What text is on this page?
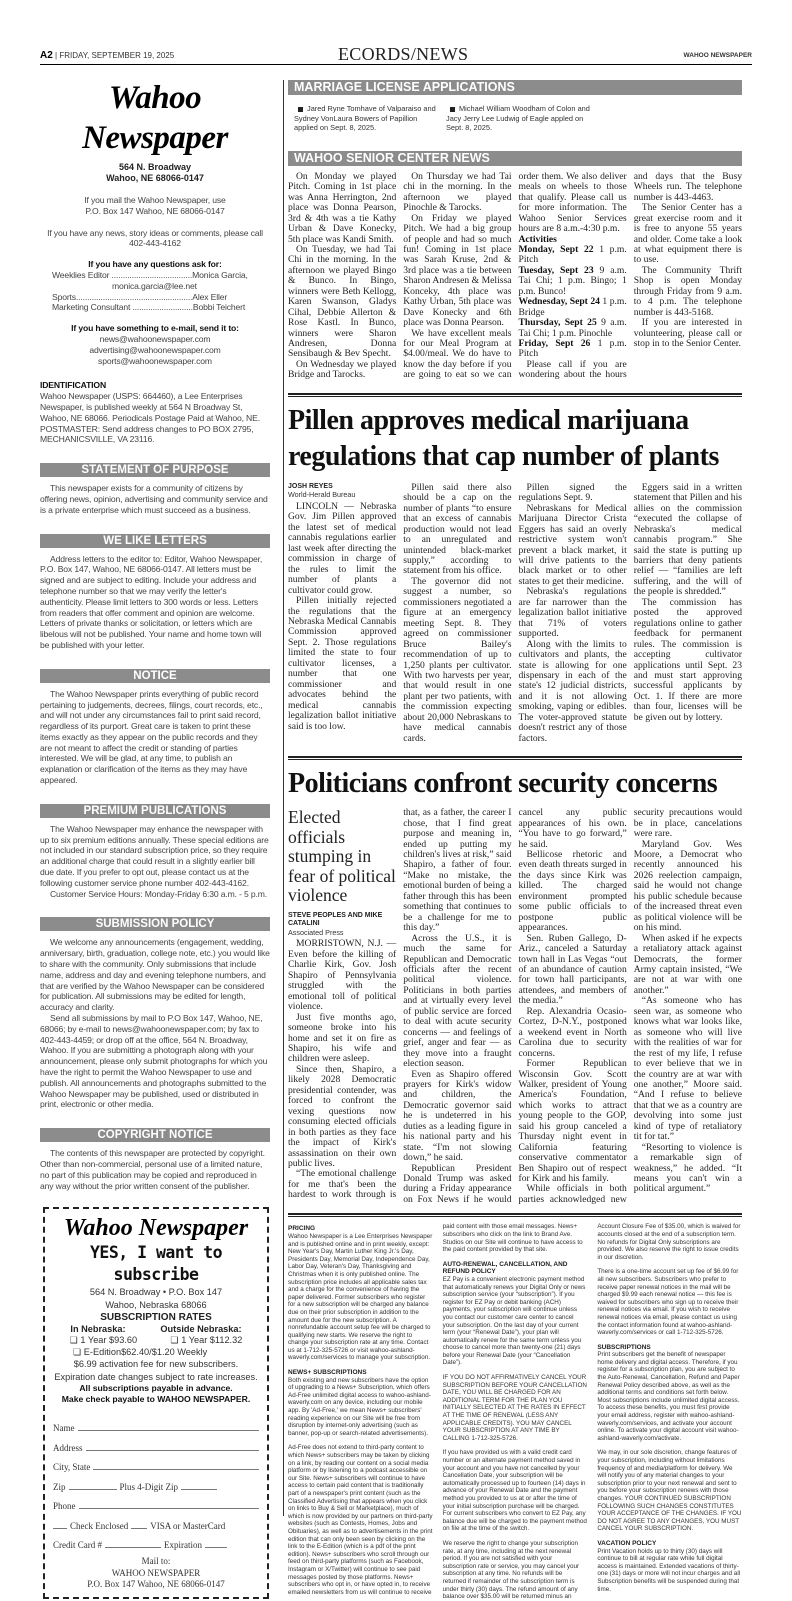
A2 | FRIDAY, SEPTEMBER 19, 2025	ECORDS/NEWS	WAHOO NEWSPAPER
Wahoo Newspaper
564 N. Broadway
Wahoo, NE 68066-0147
If you mail the Wahoo Newspaper, use
P.O. Box 147 Wahoo, NE 68066-0147
If you have any news, story ideas or comments, please call
402-443-4162
If you have any questions ask for:
Weeklies Editor ....................................Monica Garcia,
monica.garcia@lee.net
Sports....................................................Alex Eller
Marketing Consultant ...........................Bobbi Teichert
If you have something to e-mail, send it to:
news@wahoonewspaper.com
advertising@wahoonewspaper.com
sports@wahoonewspaper.com
IDENTIFICATION
Wahoo Newspaper (USPS: 664460), a Lee Enterprises Newspaper, is published weekly at 564 N Broadway St, Wahoo, NE 68066. Periodicals Postage Paid at Wahoo, NE. POSTMASTER: Send address changes to PO BOX 2795, MECHANICSVILLE, VA 23116.
STATEMENT OF PURPOSE

This newspaper exists for a community of citizens by offering news, opinion, advertising and community service and is a private enterprise which must succeed as a business.

WE LIKE LETTERS

Address letters to the editor to: Editor, Wahoo Newspaper, P.O. Box 147, Wahoo, NE 68066-0147. All letters must be signed and are subject to editing. Include your address and telephone number so that we may verify the letter's authenticity. Please limit letters to 300 words or less. Letters from readers that offer comment and opinion are welcome. Letters of private thanks or solicitation, or letters which are libelous will not be published. Your name and home town will be published with your letter.

NOTICE

The Wahoo Newspaper prints everything of public record pertaining to judgements, decrees, filings, court records, etc., and will not under any circumstances fail to print said record, regardless of its purport. Great care is taken to print these items exactly as they appear on the public records and they are not meant to affect the credit or standing of parties interested. We will be glad, at any time, to publish an explanation or clarification of the items as they may have appeared.

PREMIUM PUBLICATIONS

The Wahoo Newspaper may enhance the newspaper with up to six premium editions annually. These special editions are not included in our standard subscription price, so they require an additional charge that could result in a slightly earlier bill due date. If you prefer to opt out, please contact us at the following customer service phone number 402-443-4162.

Customer Service Hours: Monday-Friday 6:30 a.m. - 5 p.m.

SUBMISSION POLICY

We welcome any announcements (engagement, wedding, anniversary, birth, graduation, college note, etc.) you would like to share with the community. Only submissions that include name, address and day and evening telephone numbers, and that are verified by the Wahoo Newspaper can be considered for publication. All submissions may be edited for length, accuracy and clarity.

Send all submissions by mail to P.O Box 147, Wahoo, NE, 68066; by e-mail to news@wahoonewspaper.com; by fax to 402-443-4459; or drop off at the office, 564 N. Broadway, Wahoo. If you are submitting a photograph along with your announcement, please only submit photographs for which you have the right to permit the Wahoo Newspaper to use and publish. All announcements and photographs submitted to the Wahoo Newspaper may be published, used or distributed in print, electronic or other media.

COPYRIGHT NOTICE

The contents of this newspaper are protected by copyright. Other than non-commercial, personal use of a limited nature, no part of this publication may be copied and reproduced in any way without the prior written consent of the publisher.

Wahoo Newspaper
YES, I want to subscribe
564 N. Broadway • P.O. Box 147
Wahoo, Nebraska 68066
SUBSCRIPTION RATES
In Nebraska:	Outside Nebraska:
❏ 1 Year $93.60	❏ 1 Year $112.32
❏ E-Edition$62.40/$1.20 Weekly
$6.99 activation fee for new subscribers.
Expiration date changes subject to rate increases.
All subscriptions payable in advance.
Make check payable to WAHOO NEWSPAPER.
Name
Address
City, State
Zip	Plus 4-Digit Zip
Phone
Check Enclosed VISA or MasterCard
Credit Card #	Expiration
Mail to:
WAHOO NEWSPAPER
P.O. Box 147 Wahoo, NE 68066-0147
MARRIAGE LICENSE APPLICATIONS
Jared Ryne Tomhave of Valparaiso and Sydney VonLaura Bowers of Papillion applied on Sept. 8, 2025.
Michael William Woodham of Colon and Jacy Jerry Lee Ludwig of Eagle appled on Sept. 8, 2025.
WAHOO SENIOR CENTER NEWS

On Monday we played Pitch. Coming in 1st place was Anna Herrington, 2nd place was Donna Pearson, 3rd & 4th was a tie Kathy Urban & Dave Konecky, 5th place was Kandi Smith.

On Tuesday, we had Tai Chi in the morning. In the afternoon we played Bingo & Bunco. In Bingo, winners were Beth Kellogg, Karen Swanson, Gladys Cihal, Debbie Allerton & Rose Kastl. In Bunco, winners were Sharon Andresen, Donna Sensibaugh & Bev Specht.

On Wednesday we played Bridge and Tarocks.

On Thursday we had Tai chi in the morning. In the afternoon we played Pinochle & Tarocks.

On Friday we played Pitch. We had a big group of people and had so much fun! Coming in 1st place was Sarah Kruse, 2nd & 3rd place was a tie between Sharon Andresen & Melissa Konceky, 4th place was Kathy Urban, 5th place was Dave Konecky and 6th place was Donna Pearson.

We have excellent meals for our Meal Program at $4.00/meal. We do have to know the day before if you are going to eat so we can order them. We also deliver meals on wheels to those that qualify. Please call us for more information. The Wahoo Senior Services hours are 8 a.m.-4:30 p.m.

Activities

Monday, Sept 22 1 p.m. Pitch

Tuesday, Sept 23 9 a.m. Tai Chi; 1 p.m. Bingo; 1 p.m. Bunco!

Wednesday, Sept 24 1 p.m. Bridge

Thursday, Sept 25 9 a.m. Tai Chi; 1 p.m. Pinochle

Friday, Sept 26 1 p.m. Pitch

Please call if you are wondering about the hours and days that the Busy Wheels run. The telephone number is 443-4463.

The Senior Center has a great exercise room and it is free to anyone 55 years and older. Come take a look at what equipment there is to use.

The Community Thrift Shop is open Monday through Friday from 9 a.m. to 4 p.m. The telephone number is 443-5168.

If you are interested in volunteering, please call or stop in to the Senior Center.

Pillen approves medical marijuana
regulations that cap number of plants
JOSH REYES
World-Herald Bureau

LINCOLN — Nebraska Gov. Jim Pillen approved the latest set of medical cannabis regulations earlier last week after directing the commission in charge of the rules to limit the number of plants a cultivator could grow.

Pillen initially rejected the regulations that the Nebraska Medical Cannabis Commission approved Sept. 2. Those regulations limited the state to four cultivator licenses, a number that one commissioner and advocates behind the medical cannabis legalization ballot initiative said is too low.

Pillen said there also should be a cap on the number of plants “to ensure that an excess of cannabis production would not lead to an unregulated and unintended black-market supply,” according to statement from his office.

The governor did not suggest a number, so commissioners negotiated a figure at an emergency meeting Sept. 8. They agreed on commissioner Bruce Bailey's recommendation of up to 1,250 plants per cultivator. With two harvests per year, that would result in one plant per two patients, with the commission expecting about 20,000 Nebraskans to have medical cannabis cards.

Pillen signed the regulations Sept. 9.

Nebraskans for Medical Marijuana Director Crista Eggers has said an overly restrictive system won't prevent a black market, it will drive patients to the black market or to other states to get their medicine.

Nebraska's regulations are far narrower than the legalization ballot initiative that 71% of voters supported.

Along with the limits to cultivators and plants, the state is allowing for one dispensary in each of the state's 12 judicial districts, and it is not allowing smoking, vaping or edibles. The voter-approved statute doesn't restrict any of those factors.

Eggers said in a written statement that Pillen and his allies on the commission “executed the collapse of Nebraska's medical cannabis program.” She said the state is putting up barriers that deny patients relief — “families are left suffering, and the will of the people is shredded.”

The commission has posted the approved regulations online to gather feedback for permanent rules. The commission is accepting cultivator applications until Sept. 23 and must start approving successful applicants by Oct. 1. If there are more than four, licenses will be be given out by lottery.

Politicians confront security concerns
Elected officials stumping in fear of political violence
STEVE PEOPLES AND MIKE CATALINI
Associated Press

MORRISTOWN, N.J. — Even before the killing of Charlie Kirk, Gov. Josh Shapiro of Pennsylvania struggled with the emotional toll of political violence.

Just five months ago, someone broke into his home and set it on fire as Shapiro, his wife and children were asleep.

Since then, Shapiro, a likely 2028 Democratic presidential contender, was forced to confront the vexing questions now consuming elected officials in both parties as they face the impact of Kirk's assassination on their own public lives.

“The emotional challenge for me that's been the hardest to work through is that, as a father, the career I chose, that I find great purpose and meaning in, ended up putting my children's lives at risk,” said Shapiro, a father of four. “Make no mistake, the emotional burden of being a father through this has been something that continues to be a challenge for me to this day.”

Across the U.S., it is much the same for Republican and Democratic officials after the recent political violence. Politicians in both parties and at virtually every level of public service are forced to deal with acute security concerns — and feelings of grief, anger and fear — as they move into a fraught election season.

Even as Shapiro offered prayers for Kirk's widow and children, the Democratic governor said he is undeterred in his duties as a leading figure in his national party and his state. “I'm not slowing down,” he said.

Republican President Donald Trump was asked during a Friday appearance on Fox News if he would cancel any public appearances of his own. “You have to go forward,” he said.

Bellicose rhetoric and even death threats surged in the days since Kirk was killed. The charged environment prompted some public officials to postpone public appearances.

Sen. Ruben Gallego, D-Ariz., canceled a Saturday town hall in Las Vegas “out of an abundance of caution for town hall participants, attendees, and members of the media.”

Rep. Alexandria Ocasio-Cortez, D-N.Y., postponed a weekend event in North Carolina due to security concerns.

Former Republican Wisconsin Gov. Scott Walker, president of Young America's Foundation, which works to attract young people to the GOP, said his group canceled a Thursday night event in California featuring conservative commentator Ben Shapiro out of respect for Kirk and his family.

While officials in both parties acknowledged new security precautions would be in place, cancelations were rare.

Maryland Gov. Wes Moore, a Democrat who recently announced his 2026 reelection campaign, said he would not change his public schedule because of the increased threat even as political violence will be on his mind.

When asked if he expects a retaliatory attack against Democrats, the former Army captain insisted, “We are not at war with one another.”

“As someone who has seen war, as someone who knows what war looks like, as someone who will live with the realities of war for the rest of my life, I refuse to ever believe that we in the country are at war with one another,” Moore said. “And I refuse to believe that that we as a country are devolving into some just kind of type of retaliatory tit for tat.”

“Resorting to violence is a remarkable sign of weakness,” he added. “It means you can't win a political argument.”

PRICING

Wahoo Newspaper is a Lee Enterprises Newspaper and is published online and in print weekly, except: New Year's Day, Martin Luther King Jr.'s Day, Presidents Day, Memorial Day, Independence Day, Labor Day, Veteran's Day, Thanksgiving and Christmas when it is only published online. The subscription price includes all applicable sales tax and a charge for the convenience of having the paper delivered. Former subscribers who register for a new subscription will be charged any balance due on their prior subscription in addition to the amount due for the new subscription. A nonrefundable account setup fee will be charged to qualifying new starts. We reserve the right to change your subscription rate at any time. Contact us at 1-712-325-5726 or visit wahoo-ashland-waverly.com/services to manage your subscription.

NEWS+ SUBSCRIPTIONS

Both existing and new subscribers have the option of upgrading to a News+ Subscription, which offers Ad-Free unlimited digital access to wahoo-ashland-waverly.com on any device, including our mobile app. By 'Ad-Free,' we mean News+ subscribers' reading experience on our Site will be free from disruption by internet-only advertising (such as banner, pop-up or search-related advertisements).

Ad-Free does not extend to third-party content to which News+ subscribers may be taken by clicking on a link, by reading our content on a social media platform or by listening to a podcast accessible on our Site. News+ subscribers will continue to have access to certain paid content that is traditionally part of a newspaper's print content (such as the Classified Advertising that appears when you click on links to Buy & Sell or Marketplace), much of which is now provided by our partners on third-party websites (such as Contests, Homes, Jobs and Obituaries), as well as to advertisements in the print edition that can only been seen by clicking on the link to the E-Edition (which is a pdf of the print edition). News+ subscribers who scroll through our feed on third-party platforms (such as Facebook, Instagram or X/Twitter) will continue to see paid messages posted by those platforms. News+ subscribers who opt in, or have opted in, to receive emailed newsletters from us will continue to receive paid content with those email messages. News+ subscribers who click on the link to Brand Ave. Studios on our Site will continue to have access to the paid content provided by that site.

AUTO-RENEWAL, CANCELLATION, AND REFUND POLICY

EZ Pay is a convenient electronic payment method that automatically renews your Digital Only or news subscription service (your “subscription”). If you register for EZ Pay or debit banking (ACH) payments, your subscription will continue unless you contact our customer care center to cancel your subscription. On the last day of your current term (your “Renewal Date”), your plan will automatically renew for the same term unless you choose to cancel more than twenty-one (21) days before your Renewal Date (your “Cancellation Date”).

IF YOU DO NOT AFFIRMATIVELY CANCEL YOUR SUBSCRIPTION BEFORE YOUR CANCELLATION DATE, YOU WILL BE CHARGED FOR AN ADDITIONAL TERM FOR THE PLAN YOU INITIALLY SELECTED AT THE RATES IN EFFECT AT THE TIME OF RENEWAL (LESS ANY APPLICABLE CREDITS). YOU MAY CANCEL YOUR SUBSCRIPTION AT ANY TIME BY CALLING 1-712-325-5726.

If you have provided us with a valid credit card number or an alternate payment method saved in your account and you have not cancelled by your Cancellation Date, your subscription will be automatically processed up to fourteen (14) days in advance of your Renewal Date and the payment method you provided to us at or after the time of your initial subscription purchase will be charged. For current subscribers who convert to EZ Pay, any balance due will be charged to the payment method on file at the time of the switch.

We reserve the right to change your subscription rate, at any time, including at the next renewal period. If you are not satisfied with your subscription rate or service, you may cancel your subscription at any time. No refunds will be returned if remainder of the subscription term is under thirty (30) days. The refund amount of any balance over $35.00 will be returned minus an Account Closure Fee of $35.00, which is waived for accounts closed at the end of a subscription term. No refunds for Digital Only subscriptions are provided. We also reserve the right to issue credits in our discretion.

There is a one-time account set up fee of $6.99 for all new subscribers. Subscribers who prefer to receive paper renewal notices in the mail will be charged $9.99 each renewal notice — this fee is waived for subscribers who sign up to receive their renewal notices via email. If you wish to receive renewal notices via email, please contact us using the contact information found at wahoo-ashland-waverly.com/services or call 1-712-325-5726.

SUBSCRIPTIONS

Print subscribers get the benefit of newspaper home delivery and digital access. Therefore, if you register for a subscription plan, you are subject to the Auto-Renewal, Cancellation, Refund and Paper Renewal Policy described above, as well as the additional terms and conditions set forth below. Most subscriptions include unlimited digital access. To access these benefits, you must first provide your email address, register with wahoo-ashland-waverly.com/services, and activate your account online. To activate your digital account visit wahoo-ashland-waverly.com/activate.

We may, in our sole discretion, change features of your subscription, including without limitations frequency of and media/platform for delivery. We will notify you of any material changes to your subscription prior to your next renewal and sent to you before your subscription renews with those changes. YOUR CONTINUED SUBSCRIPTION FOLLOWING SUCH CHANGES CONSTITUTES YOUR ACCEPTANCE OF THE CHANGES. IF YOU DO NOT AGREE TO ANY CHANGES, YOU MUST CANCEL YOUR SUBSCRIPTION.

VACATION POLICY

Print Vacation holds up to thirty (30) days will continue to bill at regular rate while full digital access is maintained. Extended vacations of thirty-one (31) days or more will not incur charges and all Subscription benefits will be suspended during that time.
